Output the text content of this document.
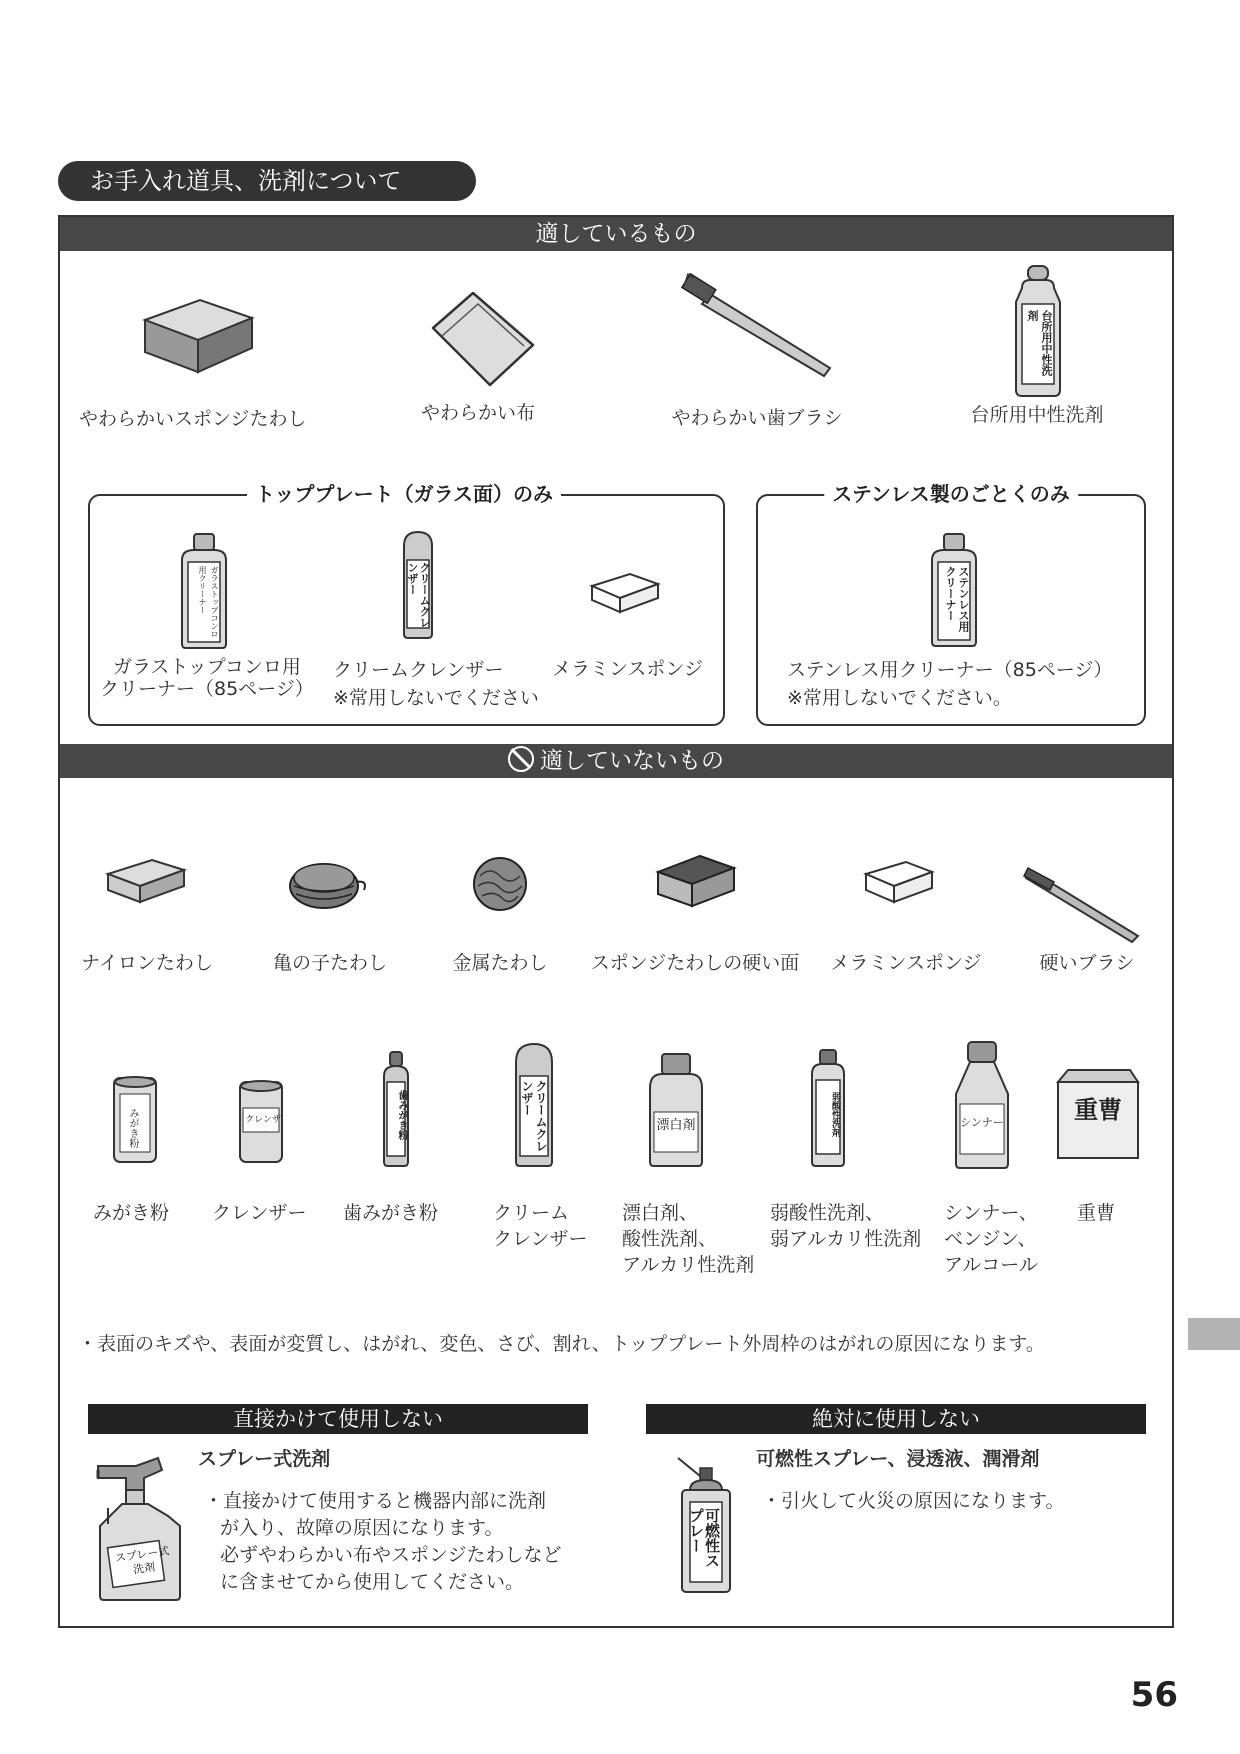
お手入れ道具、洗剤について
適しているもの
台所用中性洗剤
やわらかいスポンジたわし	やわらかい布	やわらかい歯ブラシ	台所用中性洗剤
トッププレート（ガラス面）のみ
ガラストップコンロ用クリーナー	クリームクレンザー
ガラストップコンロ用
クリーナー（85ページ）
クリームクレンザー
※常用しないでください
メラミンスポンジ
ステンレス製のごとくのみ
ステンレス用クリーナー
ステンレス用クリーナー（85ページ）
※常用しないでください。
適していないもの
ナイロンたわし	亀の子たわし	金属たわし スポンジたわしの硬い面 メラミンスポンジ	硬いブラシ
みがき粉	クレンザー	歯みがき粉	クリームクレンザー
漂白剤	弱酸性洗剤	シンナー	重曹
みがき粉 クレンザー 歯みがき粉	クリーム
クレンザー
漂白剤、
酸性洗剤、
アルカリ性洗剤
弱酸性洗剤、
弱アルカリ性洗剤
シンナー、
ベンジン、
アルコール
重曹
・表面のキズや、表面が変質し、はがれ、変色、さび、割れ、トッププレート外周枠のはがれの原因になります。
直接かけて使用しない
スプレー式洗剤
スプレー式
洗剤
・直接かけて使用すると機器内部に洗剤
が入り、故障の原因になります。
必ずやわらかい布やスポンジたわしなど
に含ませてから使用してください。
絶対に使用しない
可燃性スプレー、浸透液、潤滑剤
可燃性スプレー
・引火して火災の原因になります。
56
